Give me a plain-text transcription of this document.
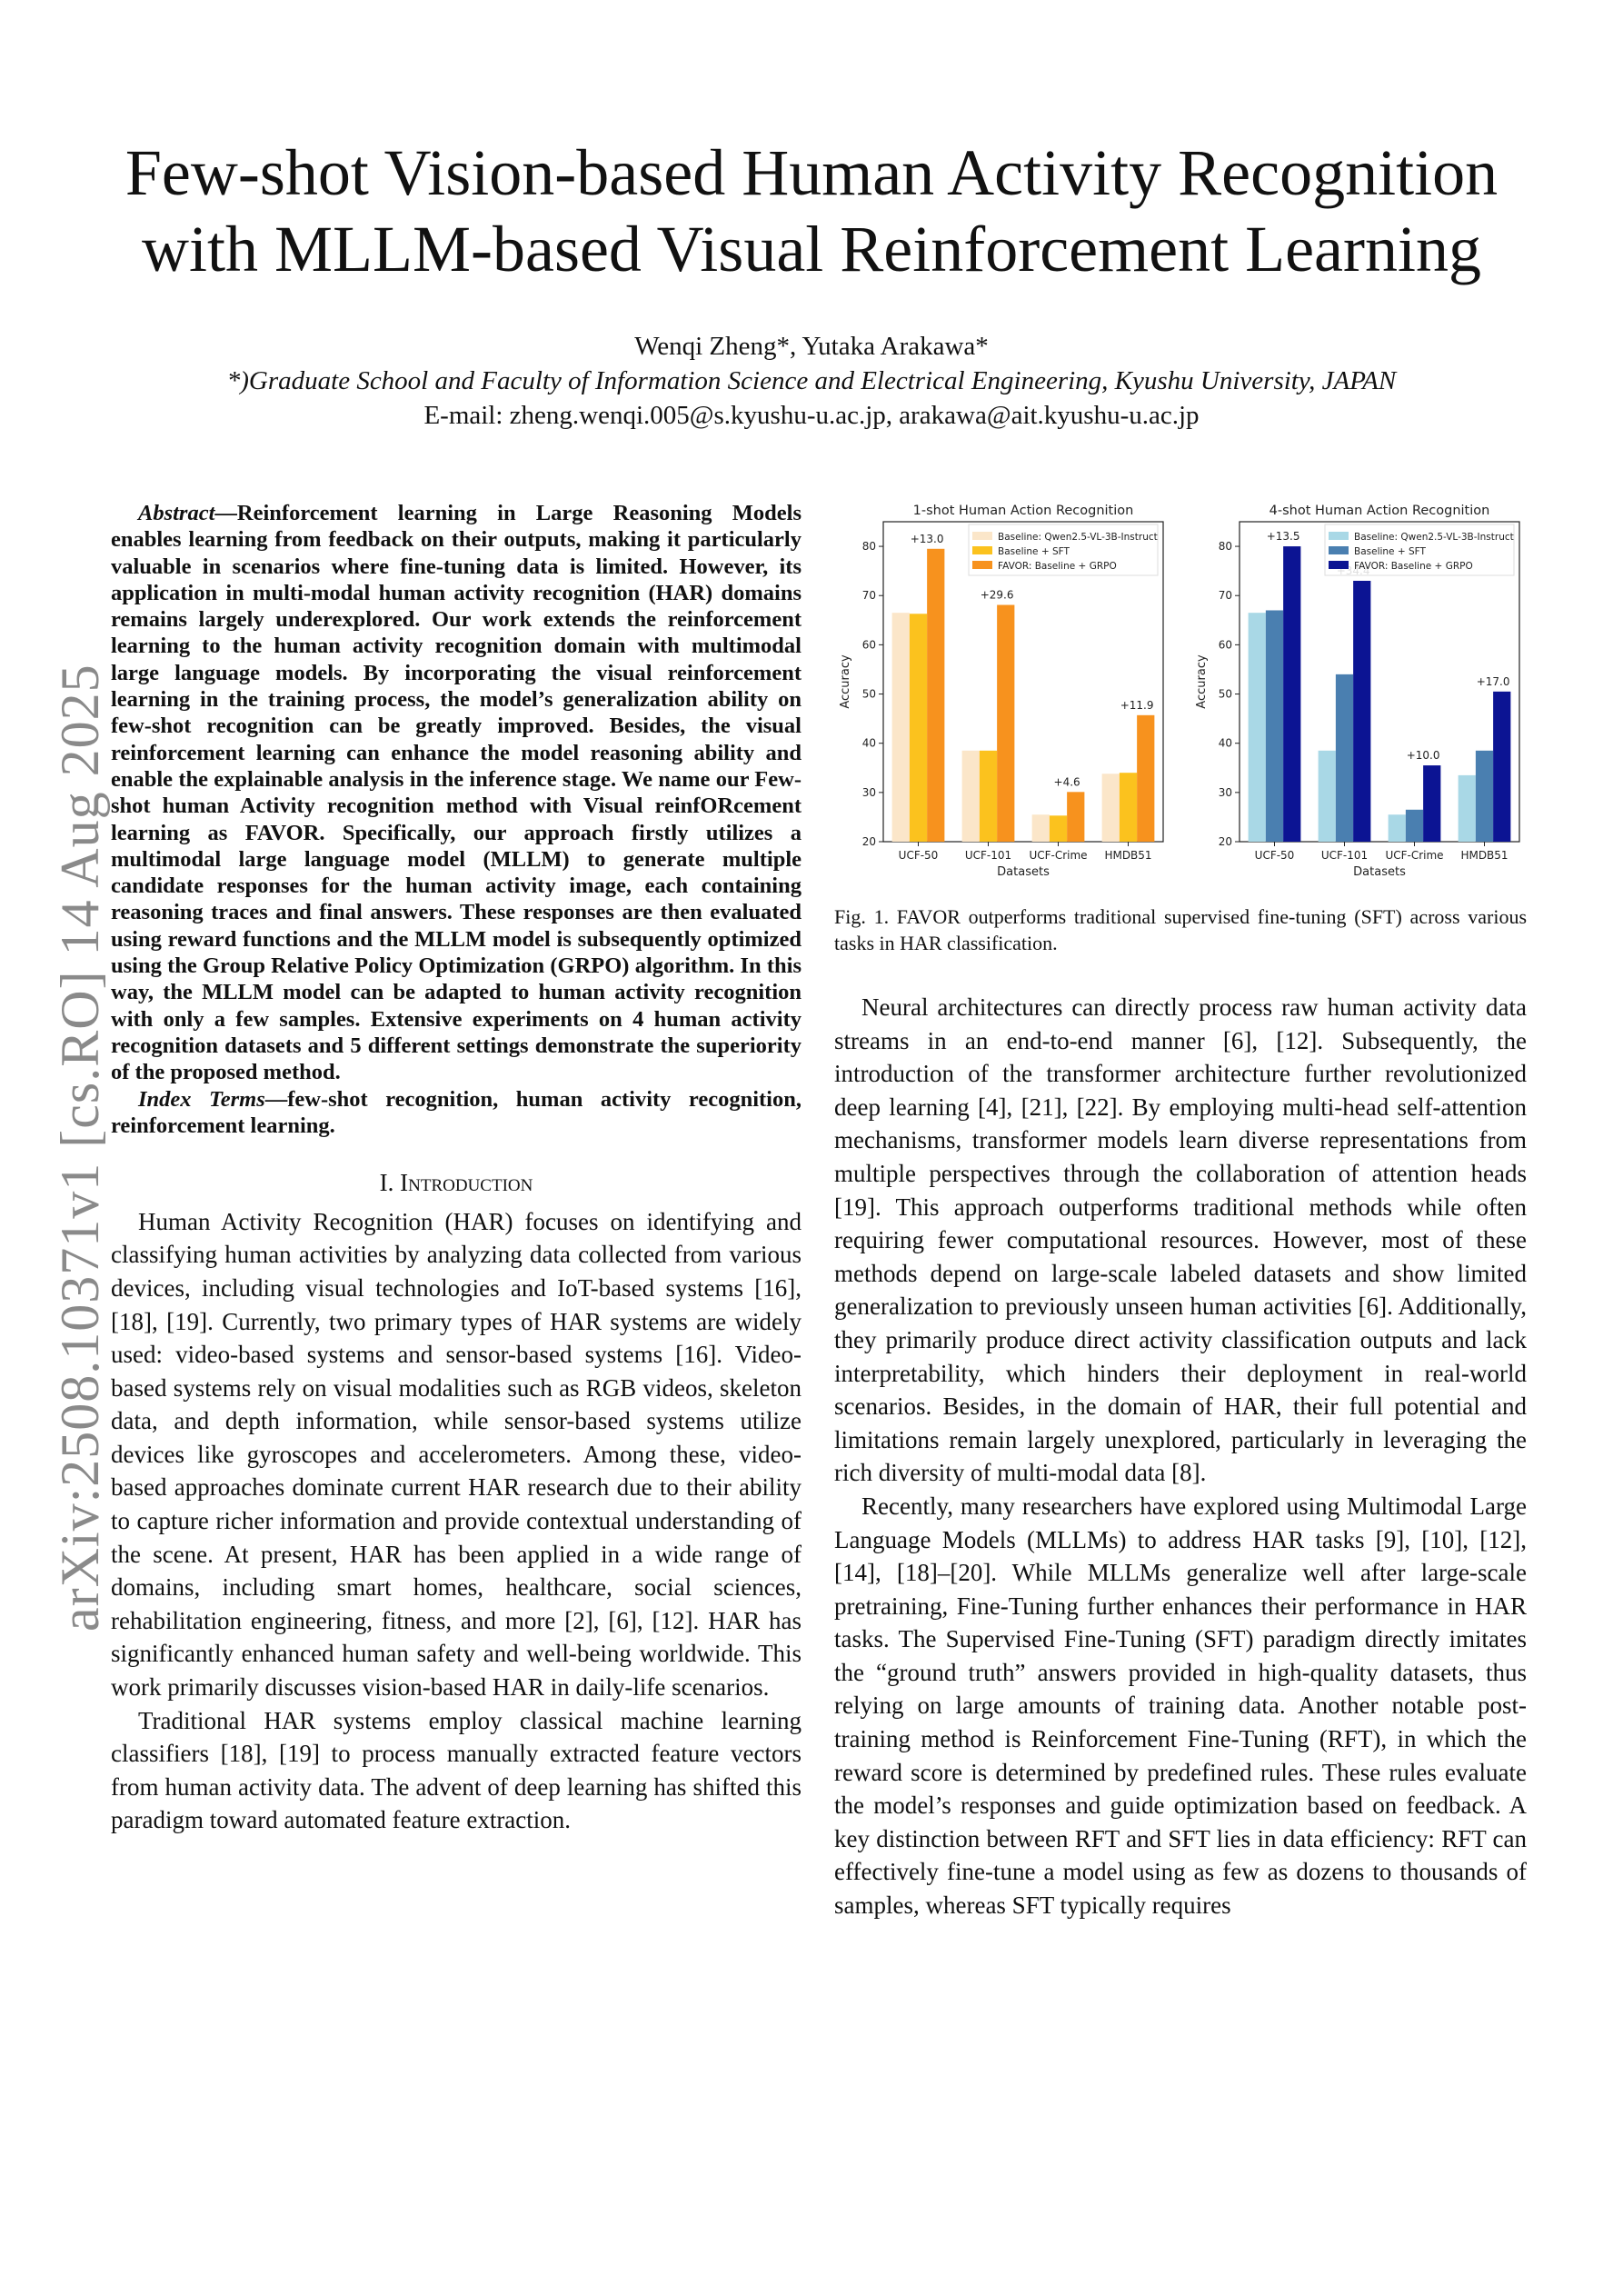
arXiv:2508.10371v1 [cs.RO] 14 Aug 2025
Few-shot Vision-based Human Activity Recognition
with MLLM-based Visual Reinforcement Learning
Wenqi Zheng*, Yutaka Arakawa*
*)Graduate School and Faculty of Information Science and Electrical Engineering, Kyushu University, JAPAN
E-mail: zheng.wenqi.005@s.kyushu-u.ac.jp, arakawa@ait.kyushu-u.ac.jp

Abstract—Reinforcement learning in Large Reasoning Models enables learning from feedback on their outputs, making it particularly valuable in scenarios where fine-tuning data is limited. However, its application in multi-modal human activity recognition (HAR) domains remains largely underexplored. Our work extends the reinforcement learning to the human activity recognition domain with multimodal large language models. By incorporating the visual reinforcement learning in the training process, the model’s generalization ability on few-shot recognition can be greatly improved. Besides, the visual reinforcement learning can enhance the model reasoning ability and enable the explainable analysis in the inference stage. We name our Few-shot human Activity recognition method with Visual reinfORcement learning as FAVOR. Specifically, our approach firstly utilizes a multimodal large language model (MLLM) to generate multiple candidate responses for the human activity image, each containing reasoning traces and final answers. These responses are then evaluated using reward functions and the MLLM model is subsequently optimized using the Group Relative Policy Optimization (GRPO) algorithm. In this way, the MLLM model can be adapted to human activity recognition with only a few samples. Extensive experiments on 4 human activity recognition datasets and 5 different settings demonstrate the superiority of the proposed method.

Index Terms—few-shot recognition, human activity recognition, reinforcement learning.

I. Introduction

Human Activity Recognition (HAR) focuses on identifying and classifying human activities by analyzing data collected from various devices, including visual technologies and IoT-based systems [16], [18], [19]. Currently, two primary types of HAR systems are widely used: video-based systems and sensor-based systems [16]. Video-based systems rely on visual modalities such as RGB videos, skeleton data, and depth information, while sensor-based systems utilize devices like gyroscopes and accelerometers. Among these, video-based approaches dominate current HAR research due to their ability to capture richer information and provide contextual understanding of the scene. At present, HAR has been applied in a wide range of domains, including smart homes, healthcare, social sciences, rehabilitation engineering, fitness, and more [2], [6], [12]. HAR has significantly enhanced human safety and well-being worldwide. This work primarily discusses vision-based HAR in daily-life scenarios.

Traditional HAR systems employ classical machine learning classifiers [18], [19] to process manually extracted feature vectors from human activity data. The advent of deep learning has shifted this paradigm toward automated feature extraction.

1-shot Human Action Recognition
20
30
40
50
60
70
80
Accuracy
UCF-50
+13.0
UCF-101
+29.6
UCF-Crime
+4.6
HMDB51
+11.9
Datasets
Baseline: Qwen2.5-VL-3B-Instruct
Baseline + SFT
FAVOR: Baseline + GRPO
4-shot Human Action Recognition
20
30
40
50
60
70
80
Accuracy
UCF-50
+13.5
UCF-101 UCF-Crime
+10.0
HMDB51
+17.0
Datasets
Baseline: Qwen2.5-VL-3B-Instruct
Baseline + SFT
FAVOR: Baseline + GRPO
Fig. 1. FAVOR outperforms traditional supervised fine-tuning (SFT) across various tasks in HAR classification.

Neural architectures can directly process raw human activity data streams in an end-to-end manner [6], [12]. Subsequently, the introduction of the transformer architecture further revolutionized deep learning [4], [21], [22]. By employing multi-head self-attention mechanisms, transformer models learn diverse representations from multiple perspectives through the collaboration of attention heads [19]. This approach outperforms traditional methods while often requiring fewer computational resources. However, most of these methods depend on large-scale labeled datasets and show limited generalization to previously unseen human activities [6]. Additionally, they primarily produce direct activity classification outputs and lack interpretability, which hinders their deployment in real-world scenarios. Besides, in the domain of HAR, their full potential and limitations remain largely unexplored, particularly in leveraging the rich diversity of multi-modal data [8].

Recently, many researchers have explored using Multimodal Large Language Models (MLLMs) to address HAR tasks [9], [10], [12], [14], [18]–[20]. While MLLMs generalize well after large-scale pretraining, Fine-Tuning further enhances their performance in HAR tasks. The Supervised Fine-Tuning (SFT) paradigm directly imitates the “ground truth” answers provided in high-quality datasets, thus relying on large amounts of training data. Another notable post-training method is Reinforcement Fine-Tuning (RFT), in which the reward score is determined by predefined rules. These rules evaluate the model’s responses and guide optimization based on feedback. A key distinction between RFT and SFT lies in data efficiency: RFT can effectively fine-tune a model using as few as dozens to thousands of samples, whereas SFT typically requires
